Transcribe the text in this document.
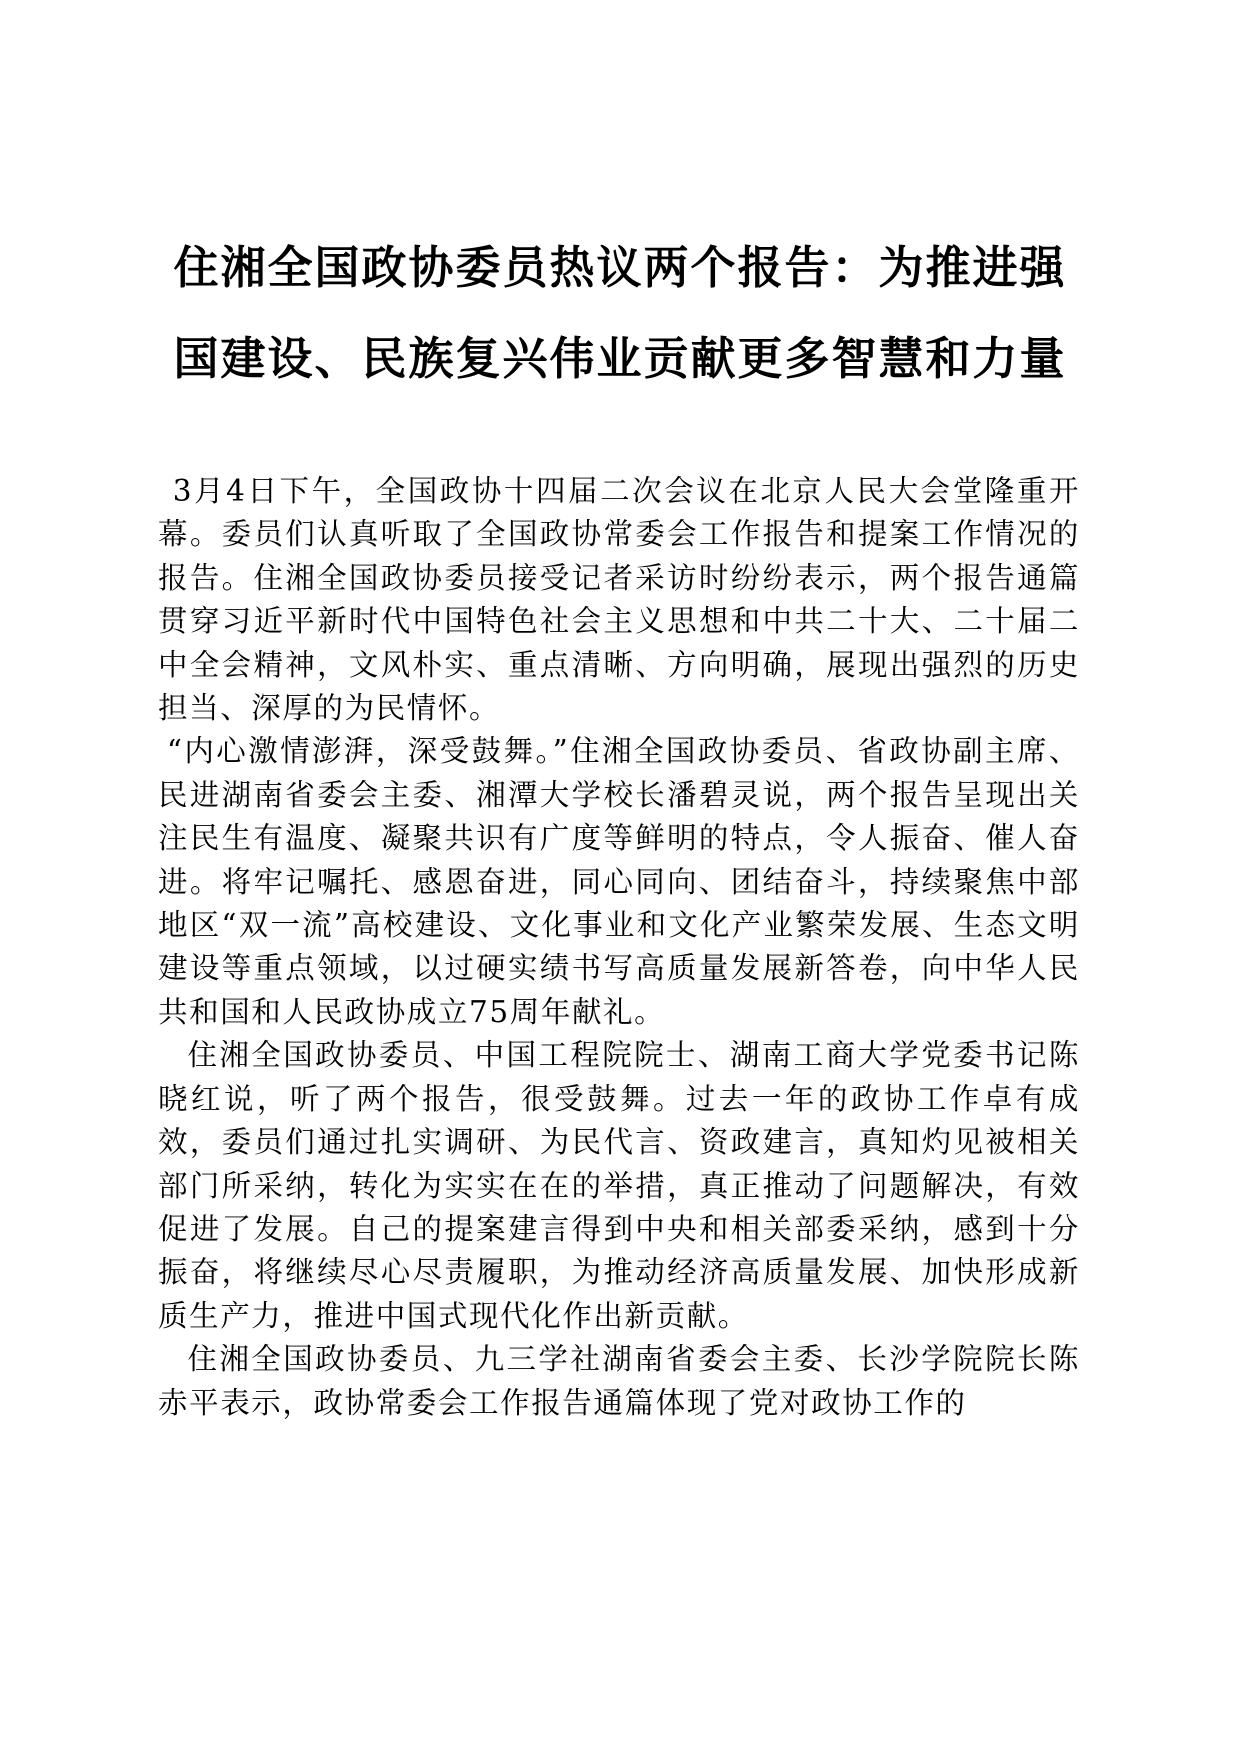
住湘全国政协委员热议两个报告：为推进强

国建设、民族复兴伟业贡献更多智慧和力量

3月4日下午，全国政协十四届二次会议在北京人民大会堂隆重开幕。委员们认真听取了全国政协常委会工作报告和提案工作情况的报告。住湘全国政协委员接受记者采访时纷纷表示，两个报告通篇贯穿习近平新时代中国特色社会主义思想和中共二十大、二十届二中全会精神，文风朴实、重点清晰、方向明确，展现出强烈的历史担当、深厚的为民情怀。

“内心激情澎湃，深受鼓舞。”住湘全国政协委员、省政协副主席、民进湖南省委会主委、湘潭大学校长潘碧灵说，两个报告呈现出关注民生有温度、凝聚共识有广度等鲜明的特点，令人振奋、催人奋进。将牢记嘱托、感恩奋进，同心同向、团结奋斗，持续聚焦中部地区“双一流”高校建设、文化事业和文化产业繁荣发展、生态文明建设等重点领域，以过硬实绩书写高质量发展新答卷，向中华人民共和国和人民政协成立75周年献礼。

住湘全国政协委员、中国工程院院士、湖南工商大学党委书记陈晓红说，听了两个报告，很受鼓舞。过去一年的政协工作卓有成效，委员们通过扎实调研、为民代言、资政建言，真知灼见被相关部门所采纳，转化为实实在在的举措，真正推动了问题解决，有效促进了发展。自己的提案建言得到中央和相关部委采纳，感到十分振奋，将继续尽心尽责履职，为推动经济高质量发展、加快形成新质生产力，推进中国式现代化作出新贡献。

住湘全国政协委员、九三学社湖南省委会主委、长沙学院院长陈赤平表示，政协常委会工作报告通篇体现了党对政协工作的
